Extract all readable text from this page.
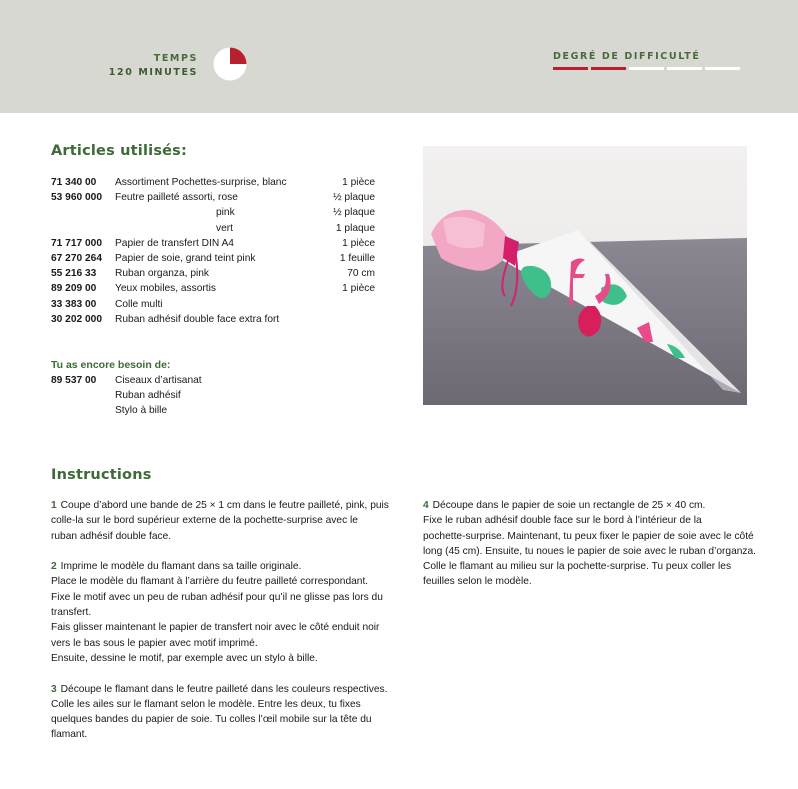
TEMPS
120 MINUTES
DEGRÉ DE DIFFICULTÉ
Articles utilisés:
71 340 00 Assortiment Pochettes-surprise, blanc	1 pièce
53 960 000 Feutre pailleté assorti, rose	½ plaque
pink	½ plaque
vert	1 plaque
71 717 000 Papier de transfert DIN A4	1 pièce
67 270 264 Papier de soie, grand teint pink	1 feuille
55 216 33 Ruban organza, pink	70 cm
89 209 00 Yeux mobiles, assortis	1 pièce
33 383 00 Colle multi
30 202 000 Ruban adhésif double face extra fort
Tu as encore besoin de:
89 537 00 Ciseaux d’artisanat
Ruban adhésif
Stylo à bille
Instructions

1 Coupe d’abord une bande de 25 × 1 cm dans le feutre pailleté, pink, puis
colle-la sur le bord supérieur externe de la pochette-surprise avec le
ruban adhésif double face.

2 Imprime le modèle du flamant dans sa taille originale.
Place le modèle du flamant à l’arrière du feutre pailleté correspondant.
Fixe le motif avec un peu de ruban adhésif pour qu’il ne glisse pas lors du
transfert.
Fais glisser maintenant le papier de transfert noir avec le côté enduit noir
vers le bas sous le papier avec motif imprimé.
Ensuite, dessine le motif, par exemple avec un stylo à bille.

3 Découpe le flamant dans le feutre pailleté dans les couleurs respectives.
Colle les ailes sur le flamant selon le modèle. Entre les deux, tu fixes
quelques bandes du papier de soie. Tu colles l’œil mobile sur la tête du
flamant.

4 Découpe dans le papier de soie un rectangle de 25 × 40 cm.
Fixe le ruban adhésif double face sur le bord à l’intérieur de la
pochette-surprise. Maintenant, tu peux fixer le papier de soie avec le côté
long (45 cm). Ensuite, tu noues le papier de soie avec le ruban d’organza.
Colle le flamant au milieu sur la pochette-surprise. Tu peux coller les
feuilles selon le modèle.
